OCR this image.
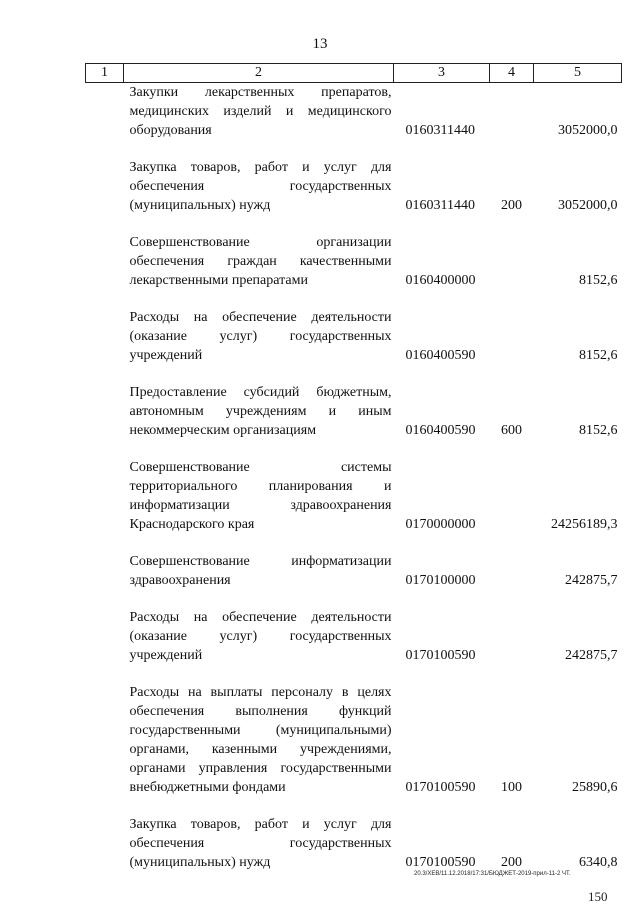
13
1	2	3	4	5
	Закупки лекарственных препаратов, медицинских изделий и медицинского оборудования	0160311440		3052000,0

	Закупка товаров, работ и услуг для обеспечения государственных (муниципальных) нужд	0160311440	200	3052000,0

	Совершенствование организации обеспечения граждан качественными лекарственными препаратами	0160400000		8152,6

	Расходы на обеспечение деятельности (оказание услуг) государственных учреждений	0160400590		8152,6

	Предоставление субсидий бюджетным, автономным учреждениям и иным некоммерческим организациям	0160400590	600	8152,6

	Совершенствование системы территориального планирования и информатизации здравоохранения Краснодарского края	0170000000		24256189,3

	Совершенствование информатизации здравоохранения	0170100000		242875,7

	Расходы на обеспечение деятельности (оказание услуг) государственных учреждений	0170100590		242875,7

	Расходы на выплаты персоналу в целях обеспечения выполнения функций государственными (муниципальными) органами, казенными учреждениями, органами управления государственными внебюджетными фондами	0170100590	100	25890,6

	Закупка товаров, работ и услуг для обеспечения государственных (муниципальных) нужд	0170100590	200	6340,8
20.3/ХЕВ/11.12.2018/17:31/БЮДЖЕТ-2019-прил-11-2 ЧТ.
150
